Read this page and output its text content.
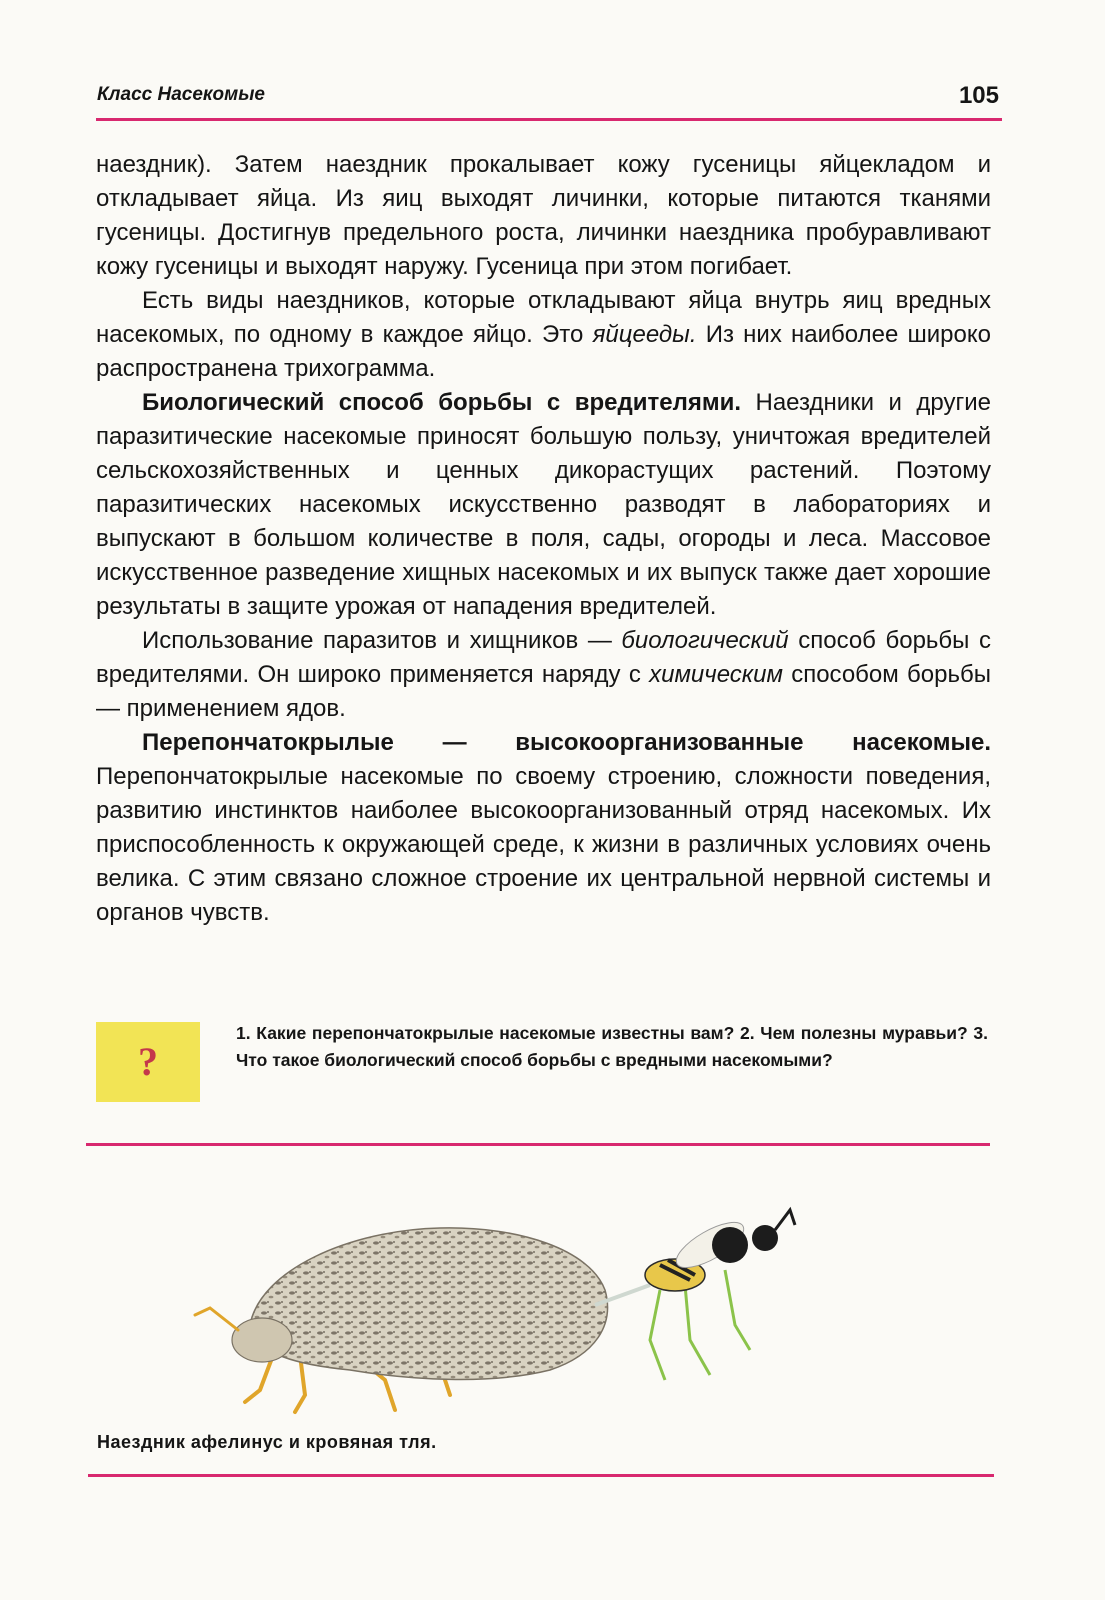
Класс Насекомые	105

наездник). Затем наездник прокалывает кожу гусеницы яйцекладом и откладывает яйца. Из яиц выходят личинки, которые питаются тканями гусеницы. Достигнув предельного роста, личинки наездника пробуравливают кожу гусеницы и выходят наружу. Гусеница при этом погибает.

Есть виды наездников, которые откладывают яйца внутрь яиц вредных насекомых, по одному в каждое яйцо. Это яйцееды. Из них наиболее широко распространена трихограмма.

Биологический способ борьбы с вредителями. Наездники и другие паразитические насекомые приносят большую пользу, уничтожая вредителей сельскохозяйственных и ценных дикорастущих растений. Поэтому паразитических насекомых искусственно разводят в лабораториях и выпускают в большом количестве в поля, сады, огороды и леса. Массовое искусственное разведение хищных насекомых и их выпуск также дает хорошие результаты в защите урожая от нападения вредителей.

Использование паразитов и хищников — биологический способ борьбы с вредителями. Он широко применяется наряду с химическим способом борьбы — применением ядов.

Перепончатокрылые — высокоорганизованные насекомые. Перепончатокрылые насекомые по своему строению, сложности поведения, развитию инстинктов наиболее высокоорганизованный отряд насекомых. Их приспособленность к окружающей среде, к жизни в различных условиях очень велика. С этим связано сложное строение их центральной нервной системы и органов чувств.

?

1. Какие перепончатокрылые насекомые известны вам? 2. Чем полезны муравьи? 3. Что такое биологический способ борьбы с вредными насекомыми?

Наездник афелинус и кровяная тля.
